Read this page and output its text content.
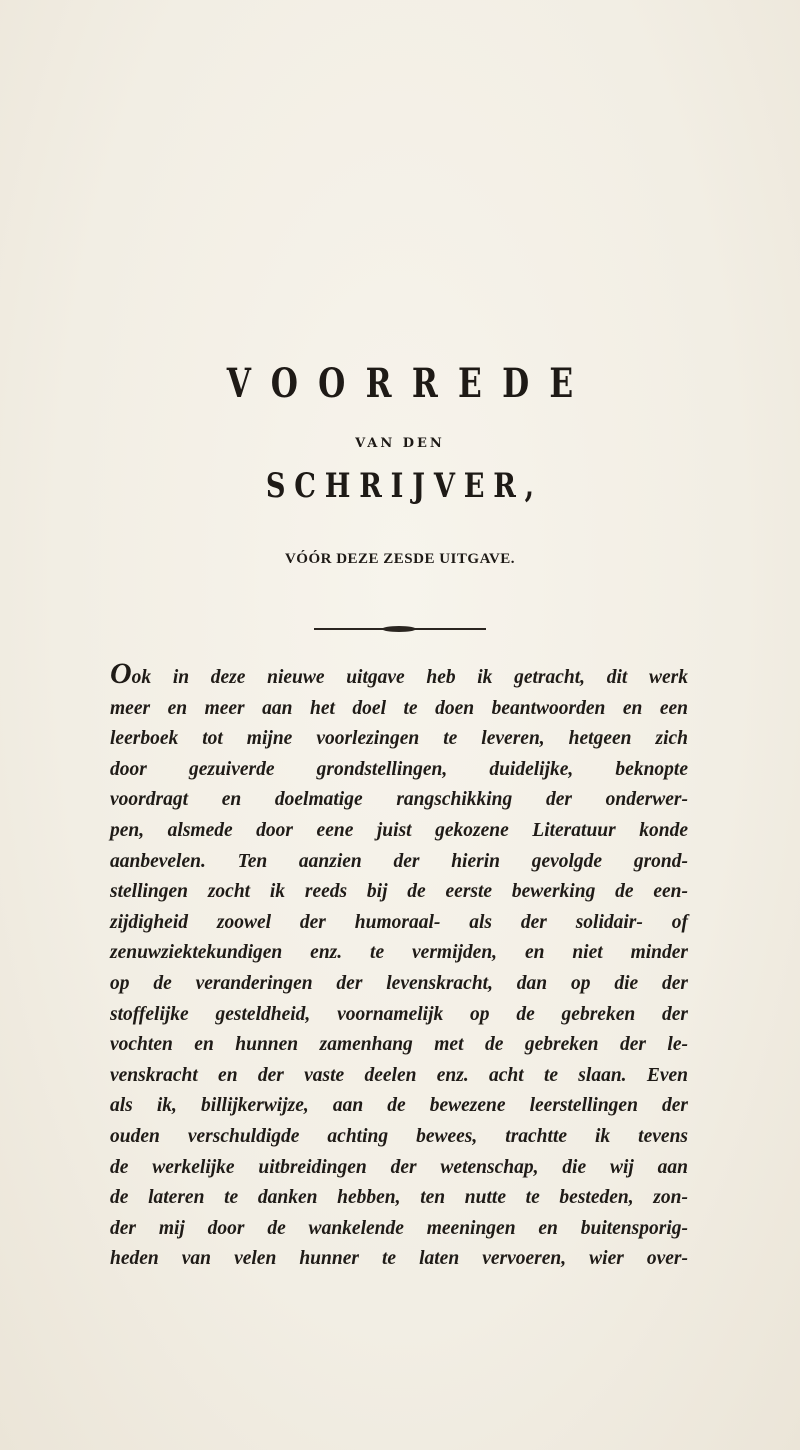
VOORREDE
VAN DEN
SCHRIJVER,
VÓÓR DEZE ZESDE UITGAVE.
Ook in deze nieuwe uitgave heb ik getracht, dit werk
meer en meer aan het doel te doen beantwoorden en een
leerboek tot mijne voorlezingen te leveren, hetgeen zich
door gezuiverde grondstellingen, duidelijke, beknopte
voordragt en doelmatige rangschikking der onderwer-
pen, alsmede door eene juist gekozene Literatuur konde
aanbevelen. Ten aanzien der hierin gevolgde grond-
stellingen zocht ik reeds bij de eerste bewerking de een-
zijdigheid zoowel der humoraal- als der solidair- of
zenuwziektekundigen enz. te vermijden, en niet minder
op de veranderingen der levenskracht, dan op die der
stoffelijke gesteldheid, voornamelijk op de gebreken der
vochten en hunnen zamenhang met de gebreken der le-
venskracht en der vaste deelen enz. acht te slaan. Even
als ik, billijkerwijze, aan de bewezene leerstellingen der
ouden verschuldigde achting bewees, trachtte ik tevens
de werkelijke uitbreidingen der wetenschap, die wij aan
de lateren te danken hebben, ten nutte te besteden, zon-
der mij door de wankelende meeningen en buitensporig-
heden van velen hunner te laten vervoeren, wier over-
